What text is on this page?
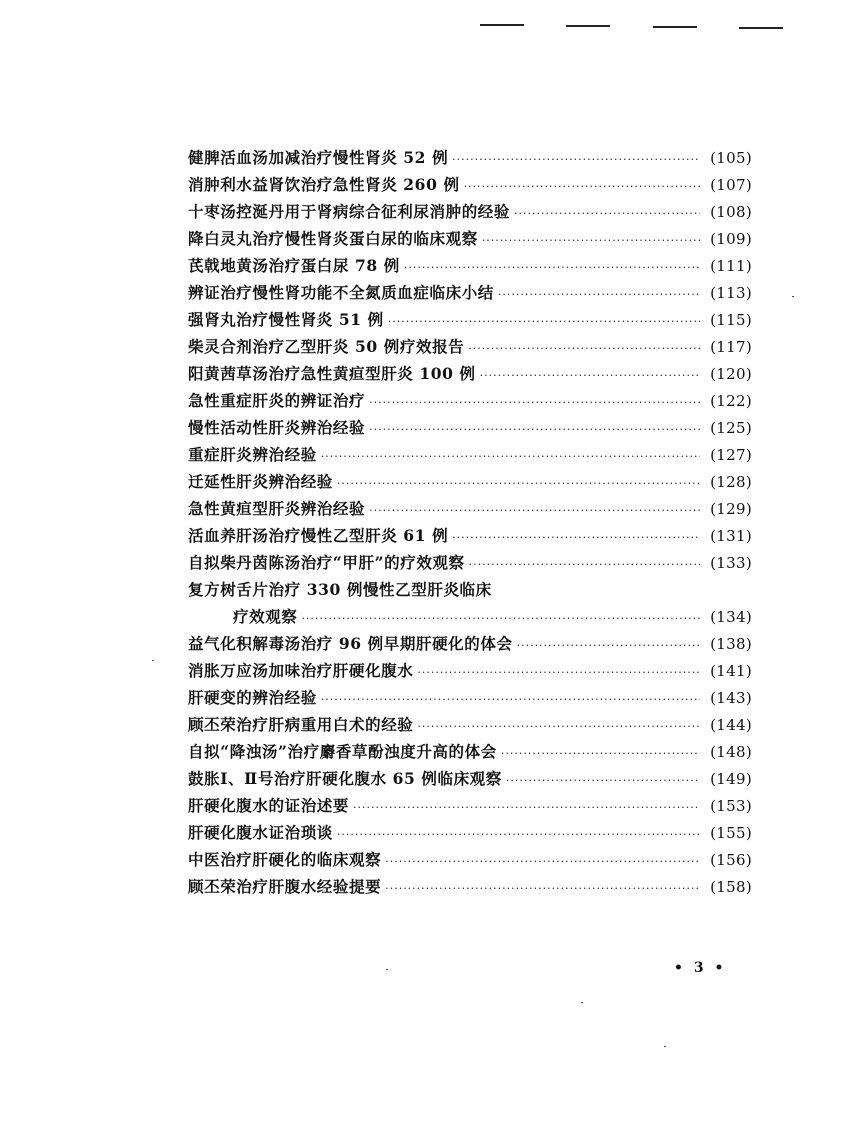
健脾活血汤加减治疗慢性肾炎 52 例 ·····	(105)
消肿利水益肾饮治疗急性肾炎 260 例 ·····	(107)
十枣汤控涎丹用于肾病综合征利尿消肿的经验 ·····	(108)
降白灵丸治疗慢性肾炎蛋白尿的临床观察 ·····	(109)
芪戟地黄汤治疗蛋白尿 78 例 ·····	(111)
辨证治疗慢性肾功能不全氮质血症临床小结 ·····	(113)
强肾丸治疗慢性肾炎 51 例 ·····	(115)
柴灵合剂治疗乙型肝炎 50 例疗效报告 ·····	(117)
阳黄茜草汤治疗急性黄疸型肝炎 100 例 ·····	(120)
急性重症肝炎的辨证治疗 ·····	(122)
慢性活动性肝炎辨治经验 ·····	(125)
重症肝炎辨治经验 ·····	(127)
迁延性肝炎辨治经验 ·····	(128)
急性黄疸型肝炎辨治经验 ·····	(129)
活血养肝汤治疗慢性乙型肝炎 61 例 ·····	(131)
自拟柴丹茵陈汤治疗“甲肝”的疗效观察 ·····	(133)
复方树舌片治疗 330 例慢性乙型肝炎临床
疗效观察 ·····	(134)
益气化积解毒汤治疗 96 例早期肝硬化的体会 ·····	(138)
消胀万应汤加味治疗肝硬化腹水 ·····	(141)
肝硬变的辨治经验 ·····	(143)
顾丕荣治疗肝病重用白术的经验 ·····	(144)
自拟“降浊汤”治疗麝香草酚浊度升高的体会 ·····	(148)
鼓胀Ⅰ、Ⅱ号治疗肝硬化腹水 65 例临床观察 ·····	(149)
肝硬化腹水的证治述要 ·····	(153)
肝硬化腹水证治琐谈 ·····	(155)
中医治疗肝硬化的临床观察 ·····	(156)
顾丕荣治疗肝腹水经验提要 ·····	(158)
• 3 •
